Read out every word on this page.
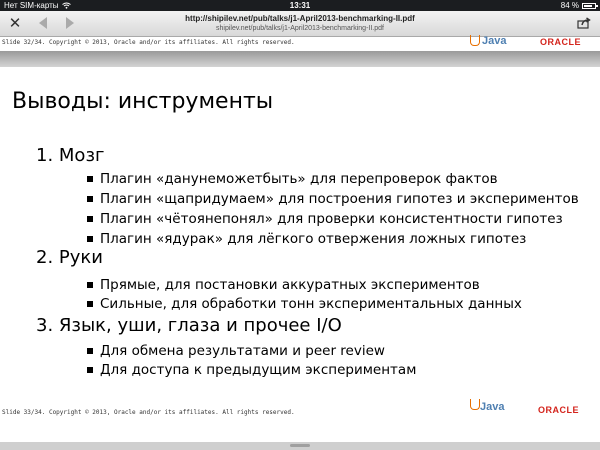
Нет SIM-карты	13:31	84 %
✕	http://shipilev.net/pub/talks/j1-April2013-benchmarking-II.pdf
shipilev.net/pub/talks/j1-April2013-benchmarking-II.pdf
Slide 32/34. Copyright © 2013, Oracle and/or its affiliates. All rights reserved.	Java	ORACLE
Выводы: инструменты
1. Мозг
Плагин «данунеможетбыть» для перепроверок фактов
Плагин «щапридумаем» для построения гипотез и экспериментов
Плагин «чётоянепонял» для проверки консистентности гипотез
Плагин «ядурак» для лёгкого отвержения ложных гипотез
2. Руки
Прямые, для постановки аккуратных экспериментов
Сильные, для обработки тонн экспериментальных данных
3. Язык, уши, глаза и прочее I/O
Для обмена результатами и peer review
Для доступа к предыдущим экспериментам
Slide 33/34. Copyright © 2013, Oracle and/or its affiliates. All rights reserved.	Java	ORACLE
